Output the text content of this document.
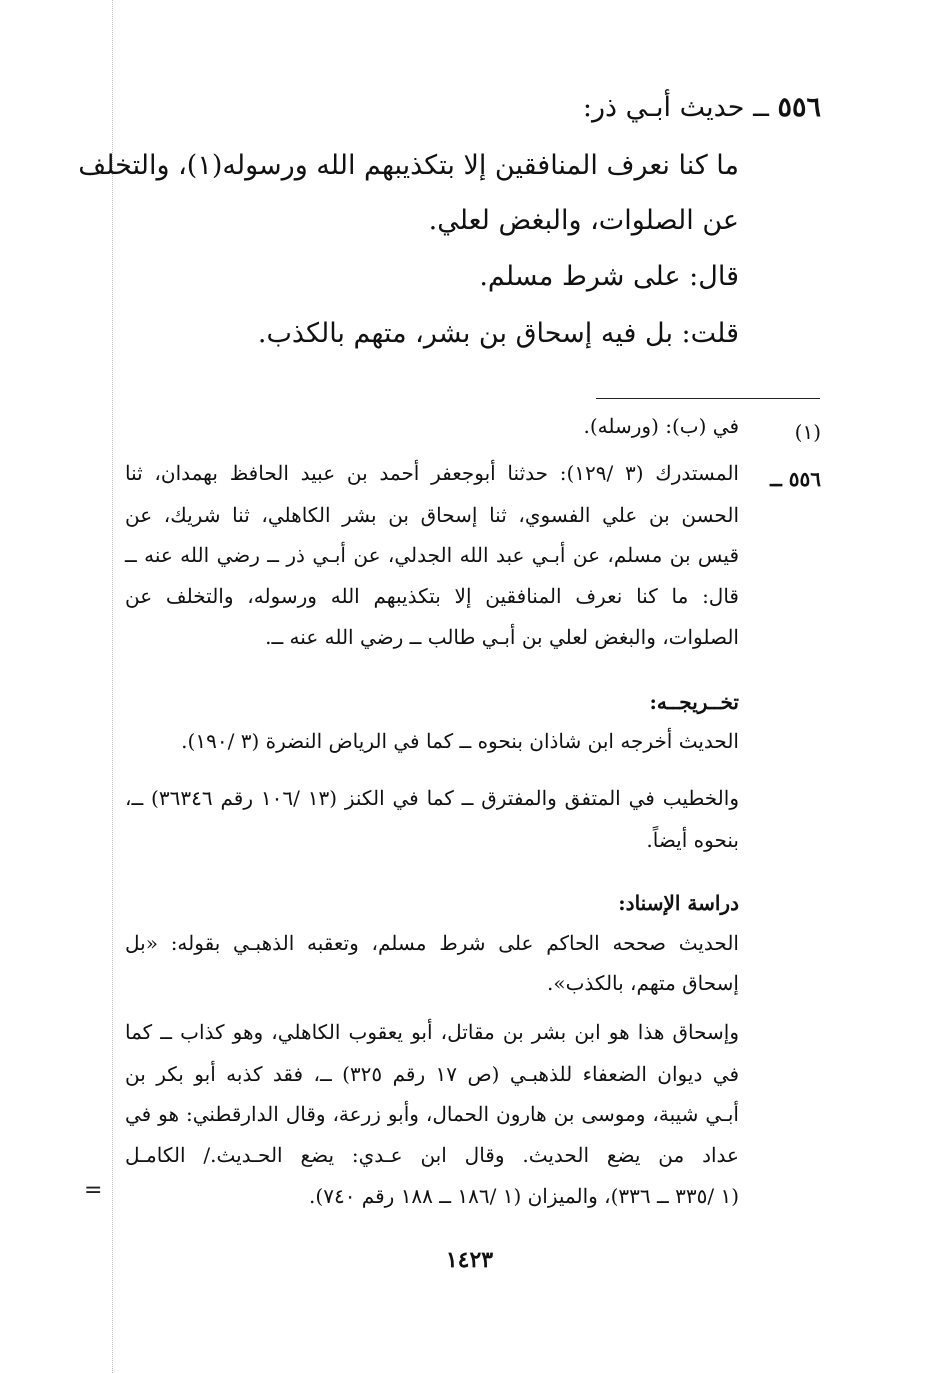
=
٥٥٦ ــ حديث أبـي ذر:
ما كنا نعرف المنافقين إلا بتكذيبهم الله ورسوله(١)، والتخلف
عن الصلوات، والبغض لعلي.
قال: على شرط مسلم.
قلت: بل فيه إسحاق بن بشر، متهم بالكذب.
(١)
في (ب): (ورسله).
٥٥٦ ــ
المستدرك (٣ /١٢٩): حدثنا أبوجعفر أحمد بن عبيد الحافظ بهمدان، ثنا
الحسن بن علي الفسوي، ثنا إسحاق بن بشر الكاهلي، ثنا شريك، عن
قيس بن مسلم، عن أبـي عبد الله الجدلي، عن أبـي ذر ــ رضي الله عنه ــ
قال: ما كنا نعرف المنافقين إلا بتكذيبهم الله ورسوله، والتخلف عن
الصلوات، والبغض لعلي بن أبـي طالب ــ رضي الله عنه ــ.
تخــريجــه:
الحديث أخرجه ابن شاذان بنحوه ــ كما في الرياض النضرة (٣ /١٩٠).
والخطيب في المتفق والمفترق ــ كما في الكنز (١٣ /١٠٦ رقم ٣٦٣٤٦) ــ،
بنحوه أيضاً.
دراسة الإسناد:
الحديث صححه الحاكم على شرط مسلم، وتعقبه الذهبـي بقوله: «بل
إسحاق متهم، بالكذب».
وإسحاق هذا هو ابن بشر بن مقاتل، أبو يعقوب الكاهلي، وهو كذاب ــ كما
في ديوان الضعفاء للذهبـي (ص ١٧ رقم ٣٢٥) ــ، فقد كذبه أبو بكر بن
أبـي شيبة، وموسى بن هارون الحمال، وأبو زرعة، وقال الدارقطني: هو في
عداد من يضع الحديث. وقال ابن عـدي: يضع الحـديث./ الكامـل
(١ /٣٣٥ ــ ٣٣٦)، والميزان (١ /١٨٦ ــ ١٨٨ رقم ٧٤٠).
١٤٢٣
